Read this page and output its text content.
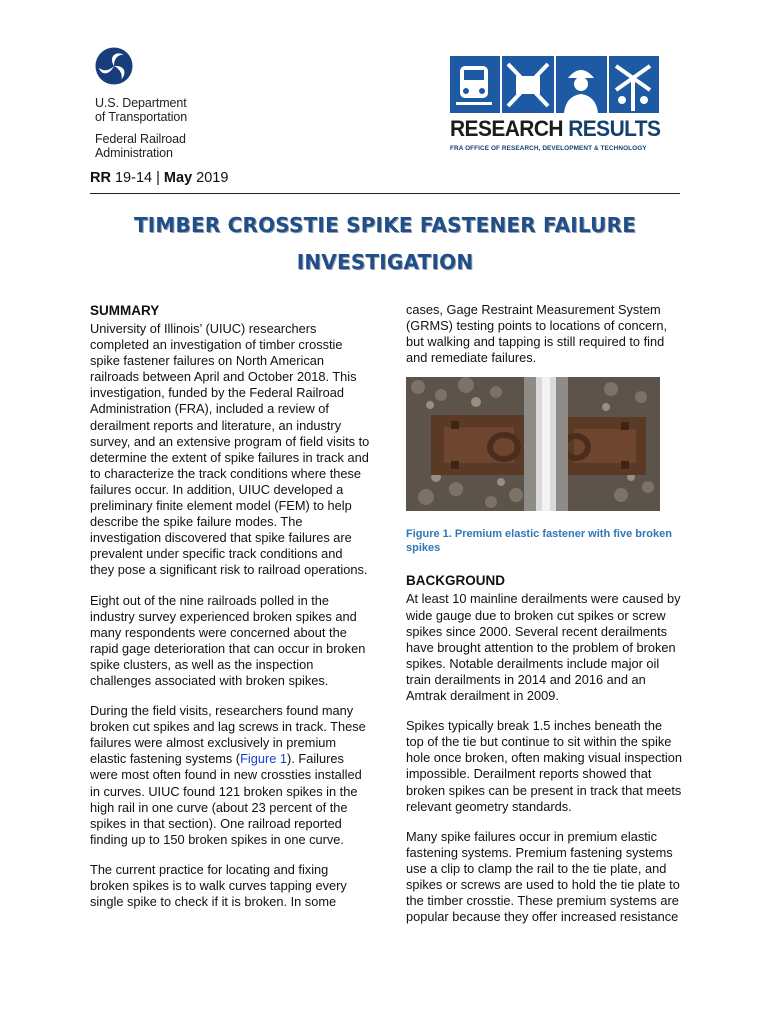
U.S. Department
of Transportation
Federal Railroad
Administration
RESEARCH RESULTS
FRA OFFICE OF RESEARCH, DEVELOPMENT & TECHNOLOGY
RR 19-14 | May 2019
TIMBER CROSSTIE SPIKE FASTENER FAILURE
INVESTIGATION
SUMMARY

University of Illinois’ (UIUC) researchers completed an investigation of timber crosstie spike fastener failures on North American railroads between April and October 2018. This investigation, funded by the Federal Railroad Administration (FRA), included a review of derailment reports and literature, an industry survey, and an extensive program of field visits to determine the extent of spike failures in track and to characterize the track conditions where these failures occur. In addition, UIUC developed a preliminary finite element model (FEM) to help describe the spike failure modes. The investigation discovered that spike failures are prevalent under specific track conditions and they pose a significant risk to railroad operations.

Eight out of the nine railroads polled in the industry survey experienced broken spikes and many respondents were concerned about the rapid gage deterioration that can occur in broken spike clusters, as well as the inspection challenges associated with broken spikes.

During the field visits, researchers found many broken cut spikes and lag screws in track. These failures were almost exclusively in premium elastic fastening systems (Figure 1). Failures were most often found in new crossties installed in curves. UIUC found 121 broken spikes in the high rail in one curve (about 23 percent of the spikes in that section). One railroad reported finding up to 150 broken spikes in one curve.

The current practice for locating and fixing broken spikes is to walk curves tapping every single spike to check if it is broken. In some

cases, Gage Restraint Measurement System (GRMS) testing points to locations of concern, but walking and tapping is still required to find and remediate failures.

Figure 1. Premium elastic fastener with five broken spikes
BACKGROUND

At least 10 mainline derailments were caused by wide gauge due to broken cut spikes or screw spikes since 2000. Several recent derailments have brought attention to the problem of broken spikes. Notable derailments include major oil train derailments in 2014 and 2016 and an Amtrak derailment in 2009.

Spikes typically break 1.5 inches beneath the top of the tie but continue to sit within the spike hole once broken, often making visual inspection impossible. Derailment reports showed that broken spikes can be present in track that meets relevant geometry standards.

Many spike failures occur in premium elastic fastening systems. Premium fastening systems use a clip to clamp the rail to the tie plate, and spikes or screws are used to hold the tie plate to the timber crosstie. These premium systems are popular because they offer increased resistance
